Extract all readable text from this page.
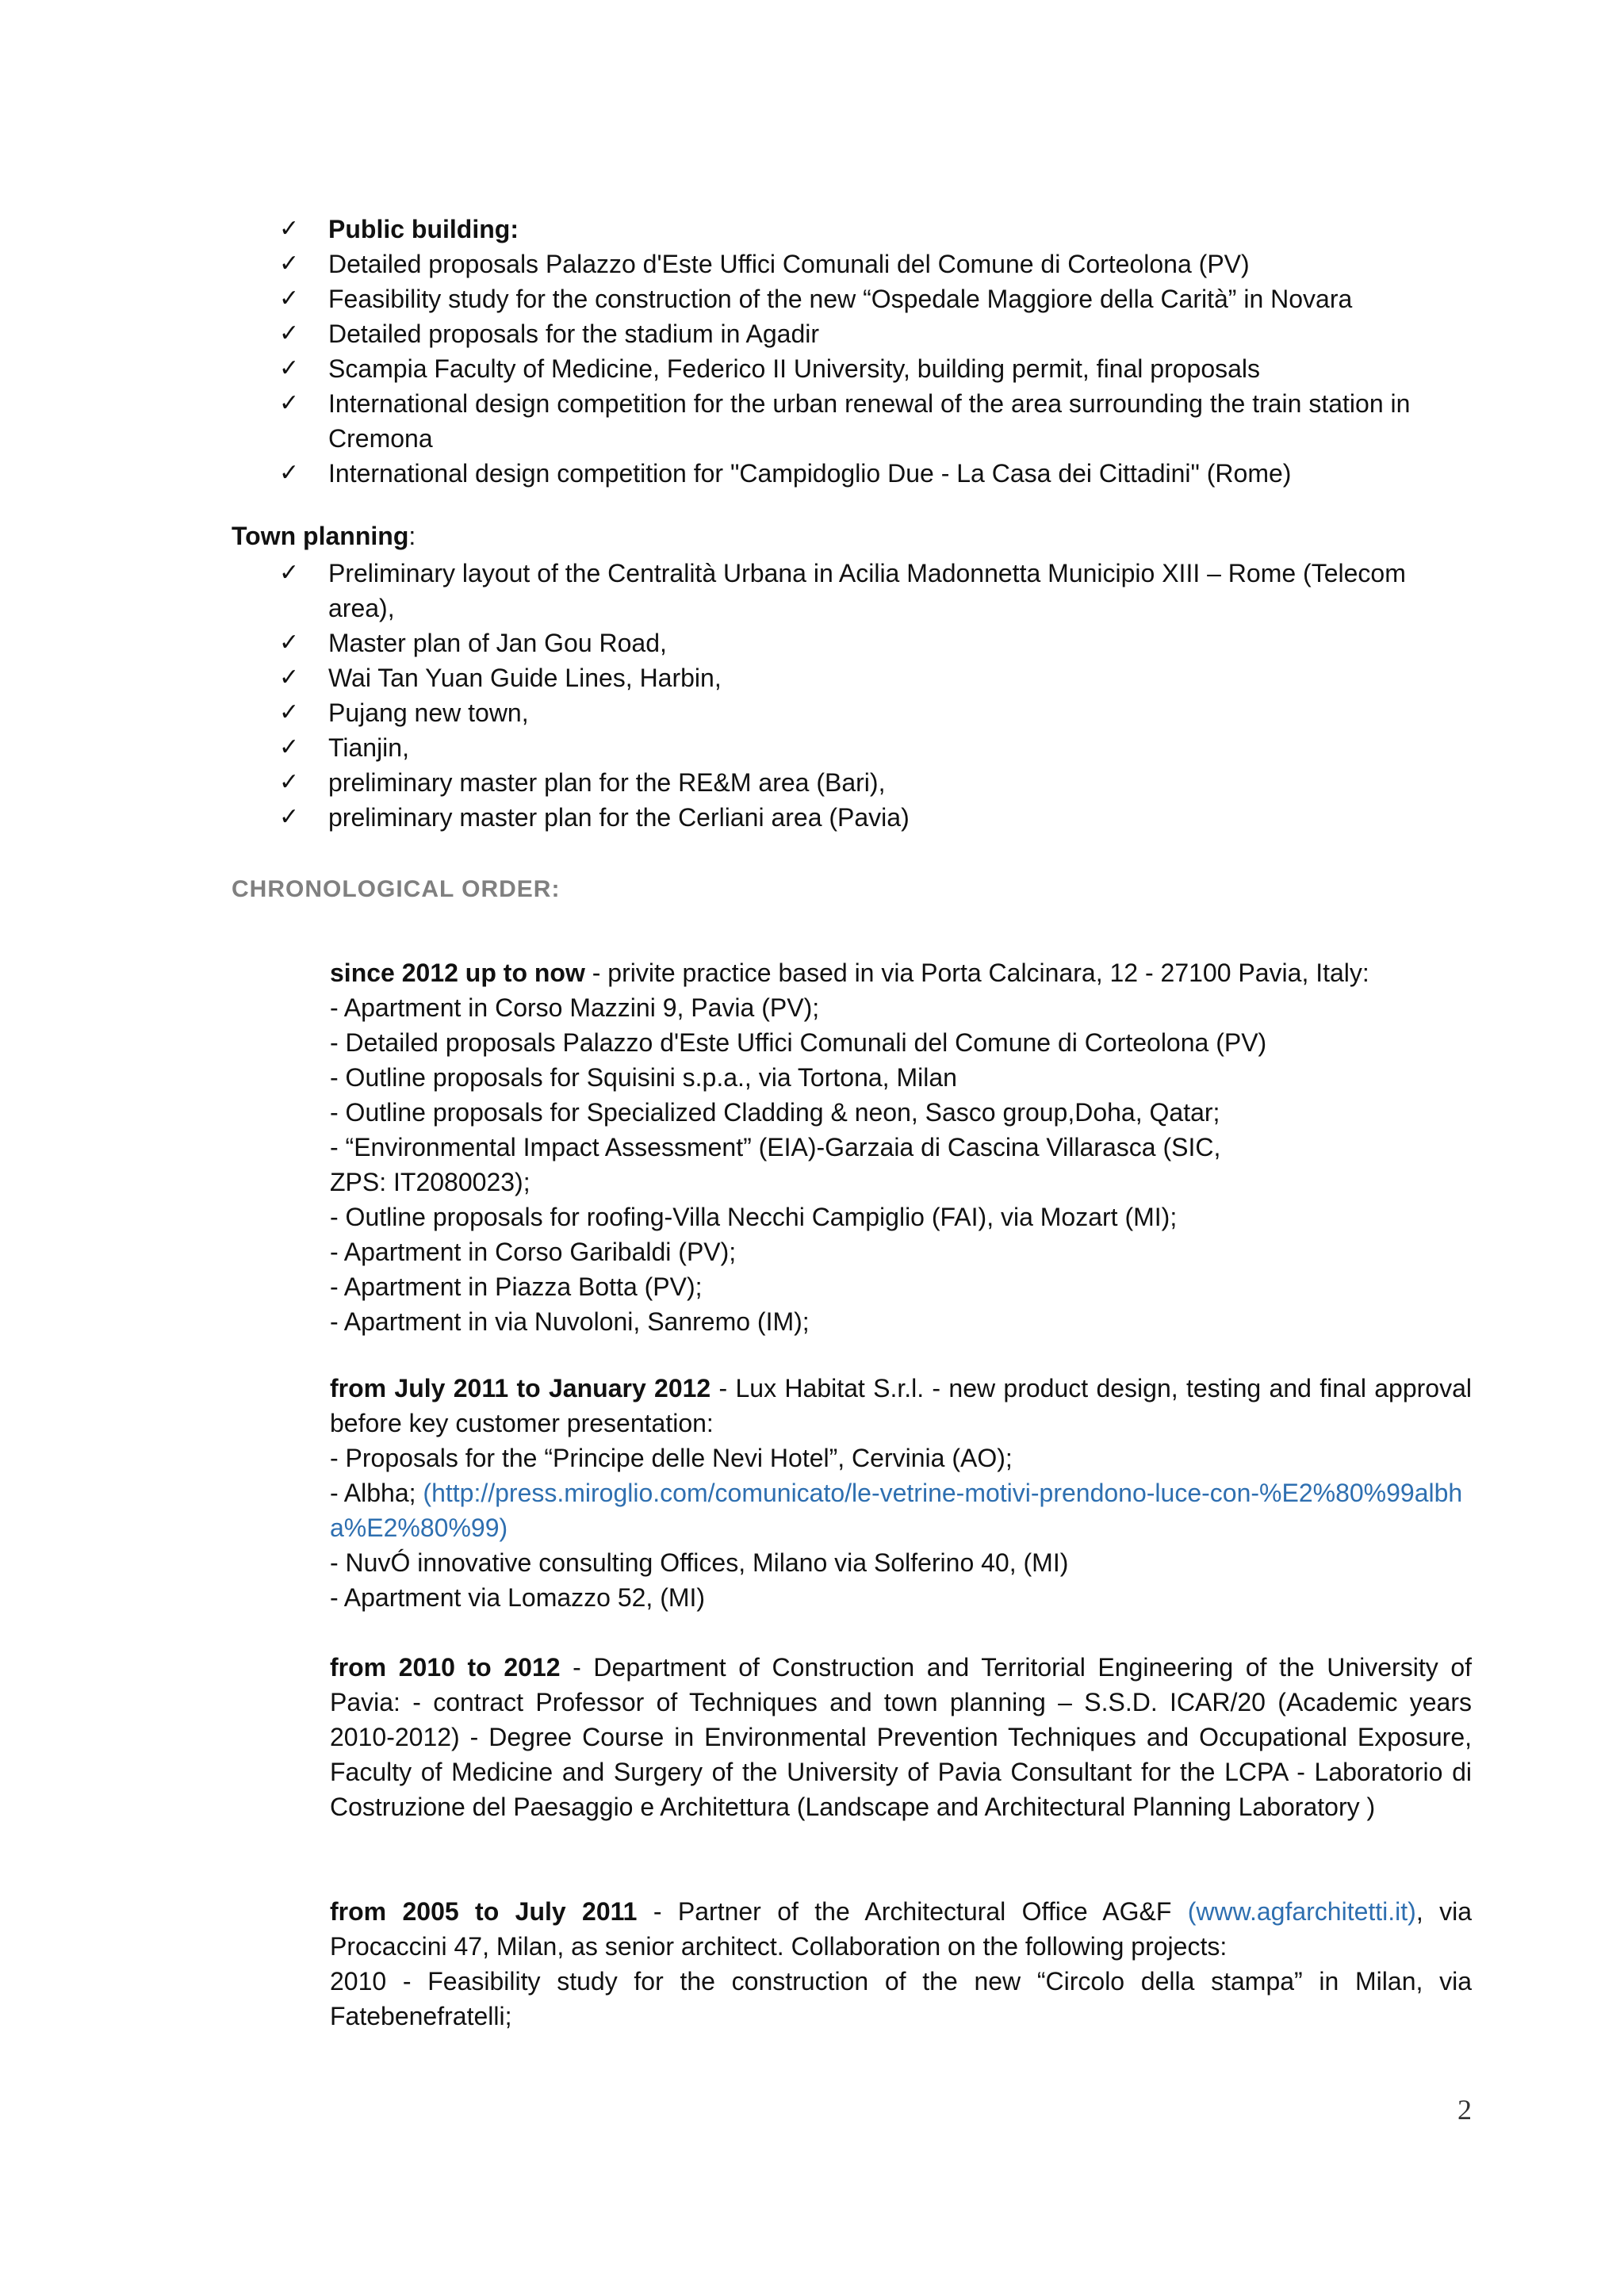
✓	Public building:
✓	Detailed proposals Palazzo d'Este Uffici Comunali del Comune di Corteolona (PV)
✓	Feasibility study for the construction of the new “Ospedale Maggiore della Carità” in Novara
✓	Detailed proposals for the stadium in Agadir
✓	Scampia Faculty of Medicine, Federico II University, building permit, final proposals
✓	International design competition for the urban renewal of the area surrounding the train station in Cremona
✓	International design competition for "Campidoglio Due - La Casa dei Cittadini" (Rome)
Town planning:
✓	Preliminary layout of the Centralità Urbana in Acilia Madonnetta Municipio XIII – Rome (Telecom area),
✓	Master plan of Jan Gou Road,
✓	Wai Tan Yuan Guide Lines, Harbin,
✓	Pujang new town,
✓	Tianjin,
✓	preliminary master plan for the RE&M area (Bari),
✓	preliminary master plan for the Cerliani area (Pavia)
CHRONOLOGICAL ORDER:

since 2012 up to now - privite practice based in via Porta Calcinara, 12 - 27100 Pavia, Italy:

- Apartment in Corso Mazzini 9, Pavia (PV);

- Detailed proposals Palazzo d'Este Uffici Comunali del Comune di Corteolona (PV)

- Outline proposals for Squisini s.p.a., via Tortona, Milan

- Outline proposals for Specialized Cladding & neon, Sasco group,Doha, Qatar;

- “Environmental Impact Assessment” (EIA)-Garzaia di Cascina Villarasca (SIC,

ZPS: IT2080023);

- Outline proposals for roofing-Villa Necchi Campiglio (FAI), via Mozart (MI);

- Apartment in Corso Garibaldi (PV);

- Apartment in Piazza Botta (PV);

- Apartment in via Nuvoloni, Sanremo (IM);

from July 2011 to January 2012 - Lux Habitat S.r.l. - new product design, testing and final approval before key customer presentation:

- Proposals for the “Principe delle Nevi Hotel”, Cervinia (AO);

- Albha; (http://press.miroglio.com/comunicato/le-vetrine-motivi-prendono-luce-con-%E2%80%99albha%E2%80%99)

- NuvÓ innovative consulting Offices, Milano via Solferino 40, (MI)

- Apartment via Lomazzo 52, (MI)

from 2010 to 2012 - Department of Construction and Territorial Engineering of the University of Pavia: - contract Professor of Techniques and town planning – S.S.D. ICAR/20 (Academic years 2010-2012) - Degree Course in Environmental Prevention Techniques and Occupational Exposure, Faculty of Medicine and Surgery of the University of Pavia Consultant for the LCPA - Laboratorio di Costruzione del Paesaggio e Architettura (Landscape and Architectural Planning Laboratory )

from 2005 to July 2011 - Partner of the Architectural Office AG&F (www.agfarchitetti.it), via Procaccini 47, Milan, as senior architect. Collaboration on the following projects:

2010 - Feasibility study for the construction of the new “Circolo della stampa” in Milan, via Fatebenefratelli;

2
